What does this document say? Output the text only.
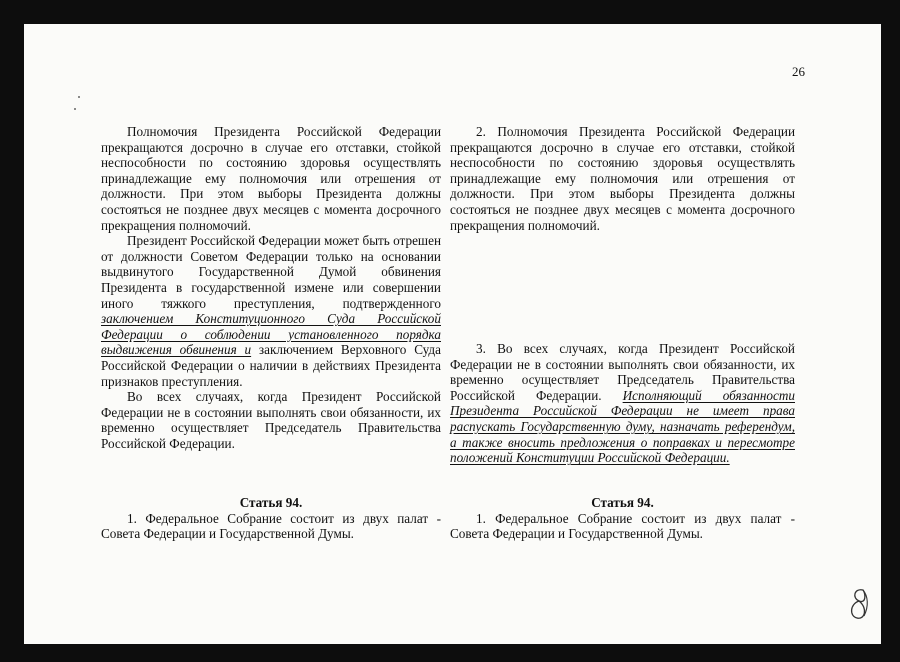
26

Полномочия Президента Российской Федерации прекращаются досрочно в случае его отставки, стойкой неспособности по состоянию здоровья осуществлять принадлежащие ему полномочия или отрешения от должности. При этом выборы Президента должны состояться не позднее двух месяцев с момента досрочного прекращения полномочий.

Президент Российской Федерации может быть отрешен от должности Советом Федерации только на основании выдвинутого Государственной Думой обвинения Президента в государственной измене или совершении иного тяжкого преступления, подтвержденного заключением Конституционного Суда Российской Федерации о соблюдении установленного порядка выдвижения обвинения и заключением Верховного Суда Российской Федерации о наличии в действиях Президента признаков преступления.

Во всех случаях, когда Президент Российской Федерации не в состоянии выполнять свои обязанности, их временно осуществляет Председатель Правительства Российской Федерации.

Статья 94.

1. Федеральное Собрание состоит из двух палат - Совета Федерации и Государственной Думы.

2. Полномочия Президента Российской Федерации прекращаются досрочно в случае его отставки, стойкой неспособности по состоянию здоровья осуществлять принадлежащие ему полномочия или отрешения от должности. При этом выборы Президента должны состояться не позднее двух месяцев с момента досрочного прекращения полномочий.

3. Во всех случаях, когда Президент Российской Федерации не в состоянии выполнять свои обязанности, их временно осуществляет Председатель Правительства Российской Федерации. Исполняющий обязанности Президента Российской Федерации не имеет права распускать Государственную думу, назначать референдум, а также вносить предложения о поправках и пересмотре положений Конституции Российской Федерации.

Статья 94.

1. Федеральное Собрание состоит из двух палат - Совета Федерации и Государственной Думы.
